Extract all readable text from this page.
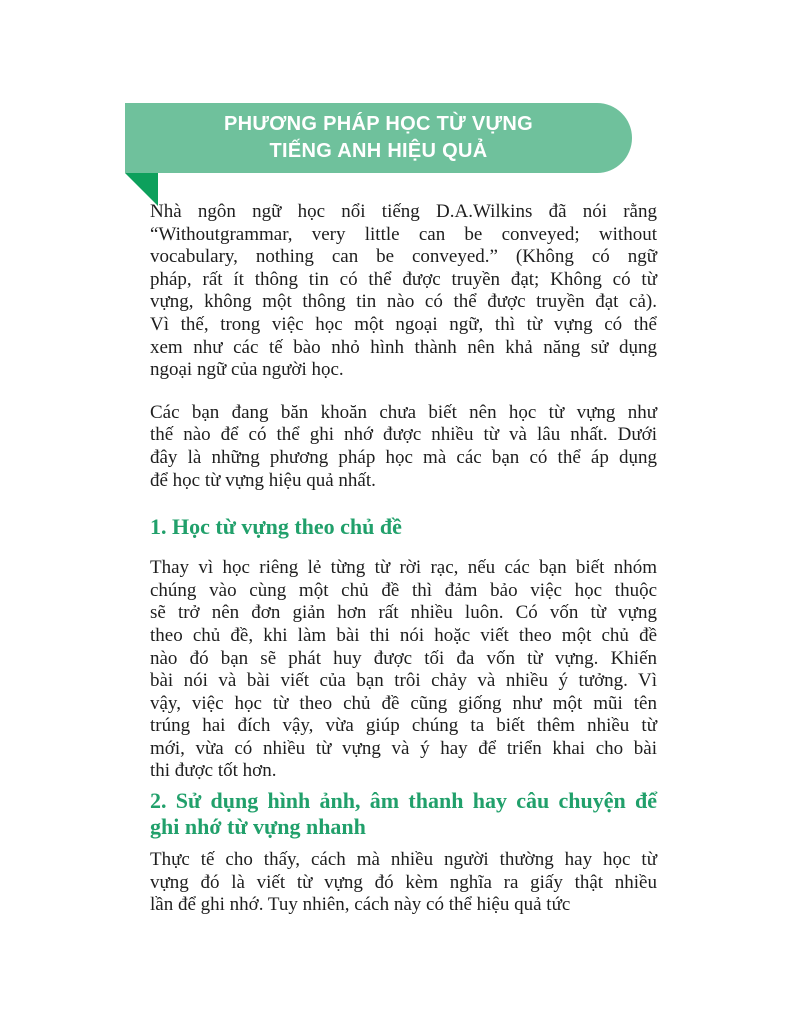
PHƯƠNG PHÁP HỌC TỪ VỰNG
TIẾNG ANH HIỆU QUẢ
Nhà ngôn ngữ học nổi tiếng D.A.Wilkins đã nói rằng
“Withoutgrammar, very little can be conveyed; without
vocabulary, nothing can be conveyed.” (Không có ngữ
pháp, rất ít thông tin có thể được truyền đạt; Không có từ
vựng, không một thông tin nào có thể được truyền đạt cả).
Vì thế, trong việc học một ngoại ngữ, thì từ vựng có thể
xem như các tế bào nhỏ hình thành nên khả năng sử dụng
ngoại ngữ của người học.
Các bạn đang băn khoăn chưa biết nên học từ vựng như
thế nào để có thể ghi nhớ được nhiều từ và lâu nhất. Dưới
đây là những phương pháp học mà các bạn có thể áp dụng
để học từ vựng hiệu quả nhất.
1. Học từ vựng theo chủ đề
Thay vì học riêng lẻ từng từ rời rạc, nếu các bạn biết nhóm
chúng vào cùng một chủ đề thì đảm bảo việc học thuộc
sẽ trở nên đơn giản hơn rất nhiều luôn. Có vốn từ vựng
theo chủ đề, khi làm bài thi nói hoặc viết theo một chủ đề
nào đó bạn sẽ phát huy được tối đa vốn từ vựng. Khiến
bài nói và bài viết của bạn trôi chảy và nhiều ý tưởng. Vì
vậy, việc học từ theo chủ đề cũng giống như một mũi tên
trúng hai đích vậy, vừa giúp chúng ta biết thêm nhiều từ
mới, vừa có nhiều từ vựng và ý hay để triển khai cho bài
thi được tốt hơn.
2. Sử dụng hình ảnh, âm thanh hay câu chuyện để
ghi nhớ từ vựng nhanh
Thực tế cho thấy, cách mà nhiều người thường hay học từ
vựng đó là viết từ vựng đó kèm nghĩa ra giấy thật nhiều
lần để ghi nhớ. Tuy nhiên, cách này có thể hiệu quả tức
